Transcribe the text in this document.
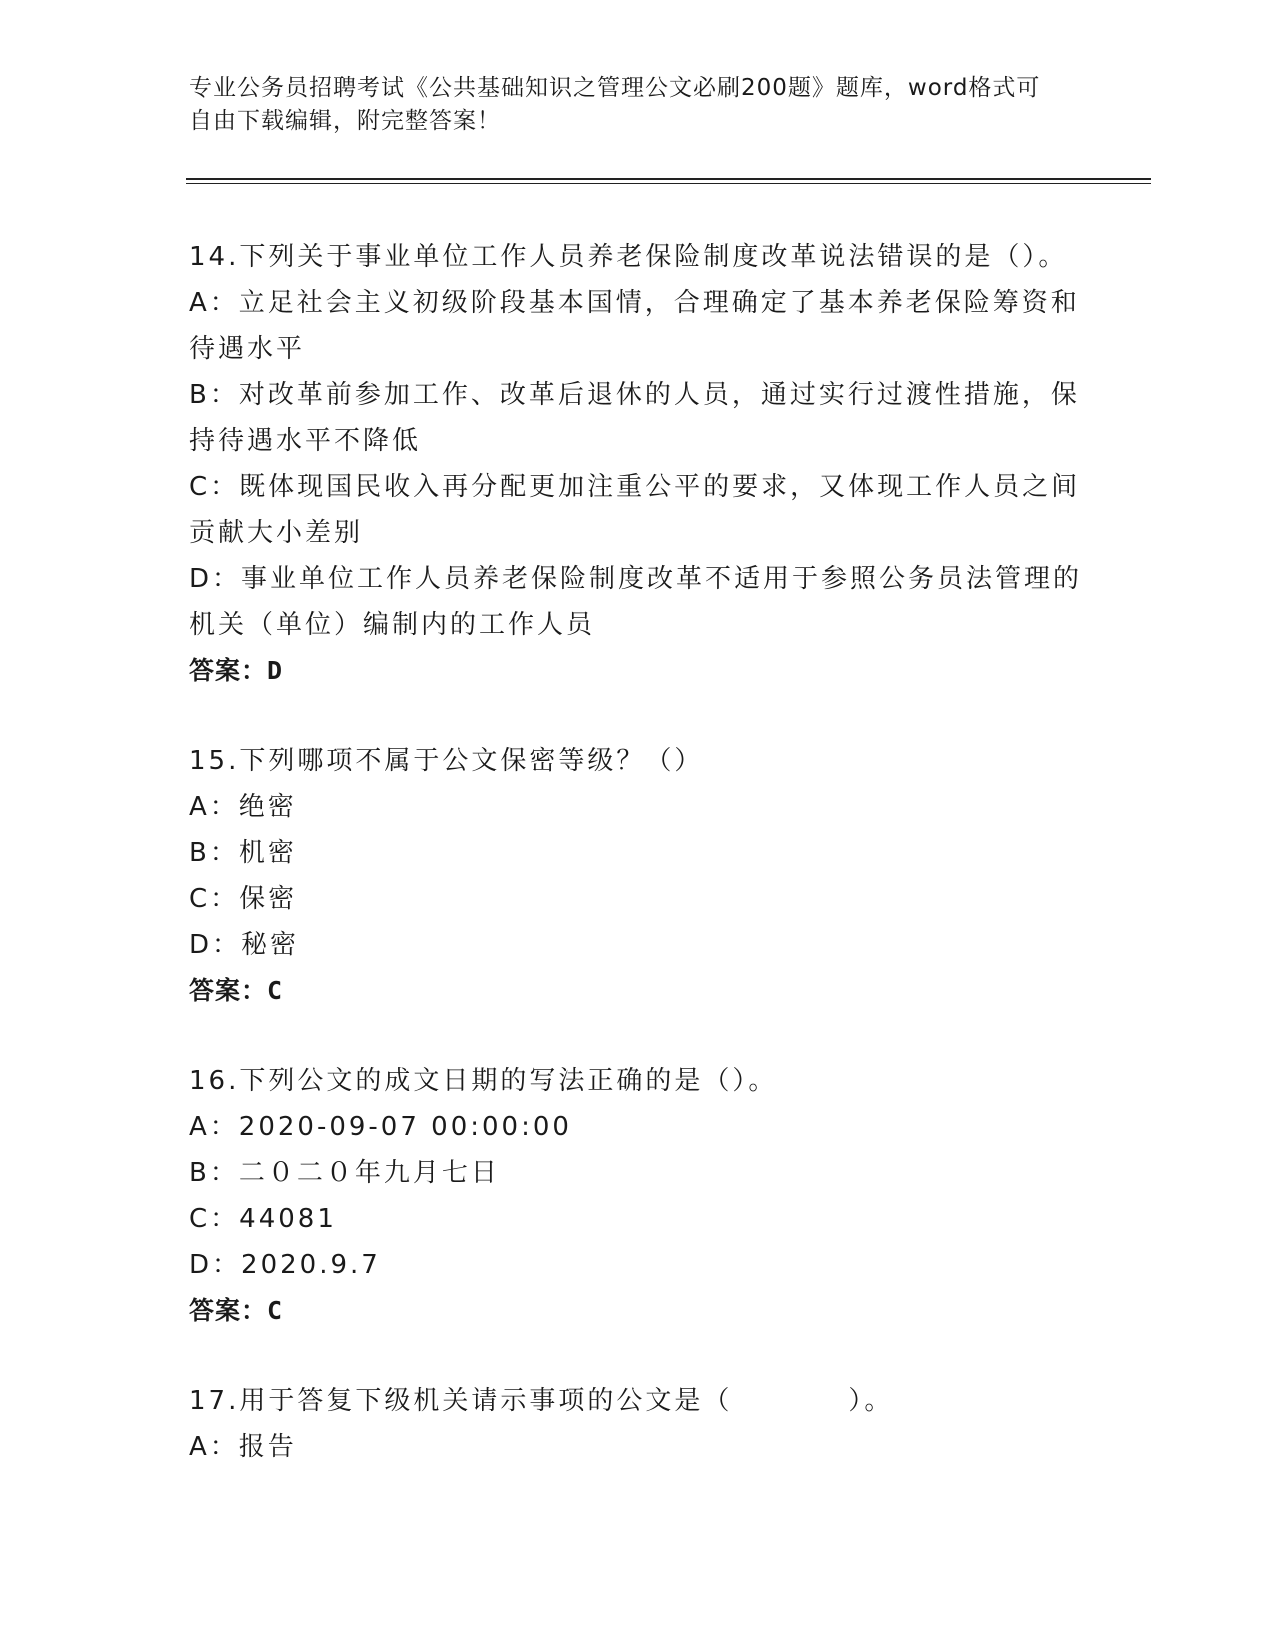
专业公务员招聘考试《公共基础知识之管理公文必刷200题》题库，word格式可
自由下载编辑，附完整答案！
14.下列关于事业单位工作人员养老保险制度改革说法错误的是（）。
A：立足社会主义初级阶段基本国情，合理确定了基本养老保险筹资和待遇水平
B：对改革前参加工作、改革后退休的人员，通过实行过渡性措施，保持待遇水平不降低
C：既体现国民收入再分配更加注重公平的要求，又体现工作人员之间贡献大小差别
D：事业单位工作人员养老保险制度改革不适用于参照公务员法管理的机关（单位）编制内的工作人员
答案：D
15.下列哪项不属于公文保密等级？（）
A：绝密
B：机密
C：保密
D：秘密
答案：C
16.下列公文的成文日期的写法正确的是（）。
A：2020-09-07 00:00:00
B：二０二０年九月七日
C：44081
D：2020.9.7
答案：C
17.用于答复下级机关请示事项的公文是（　　　　）。
A：报告
